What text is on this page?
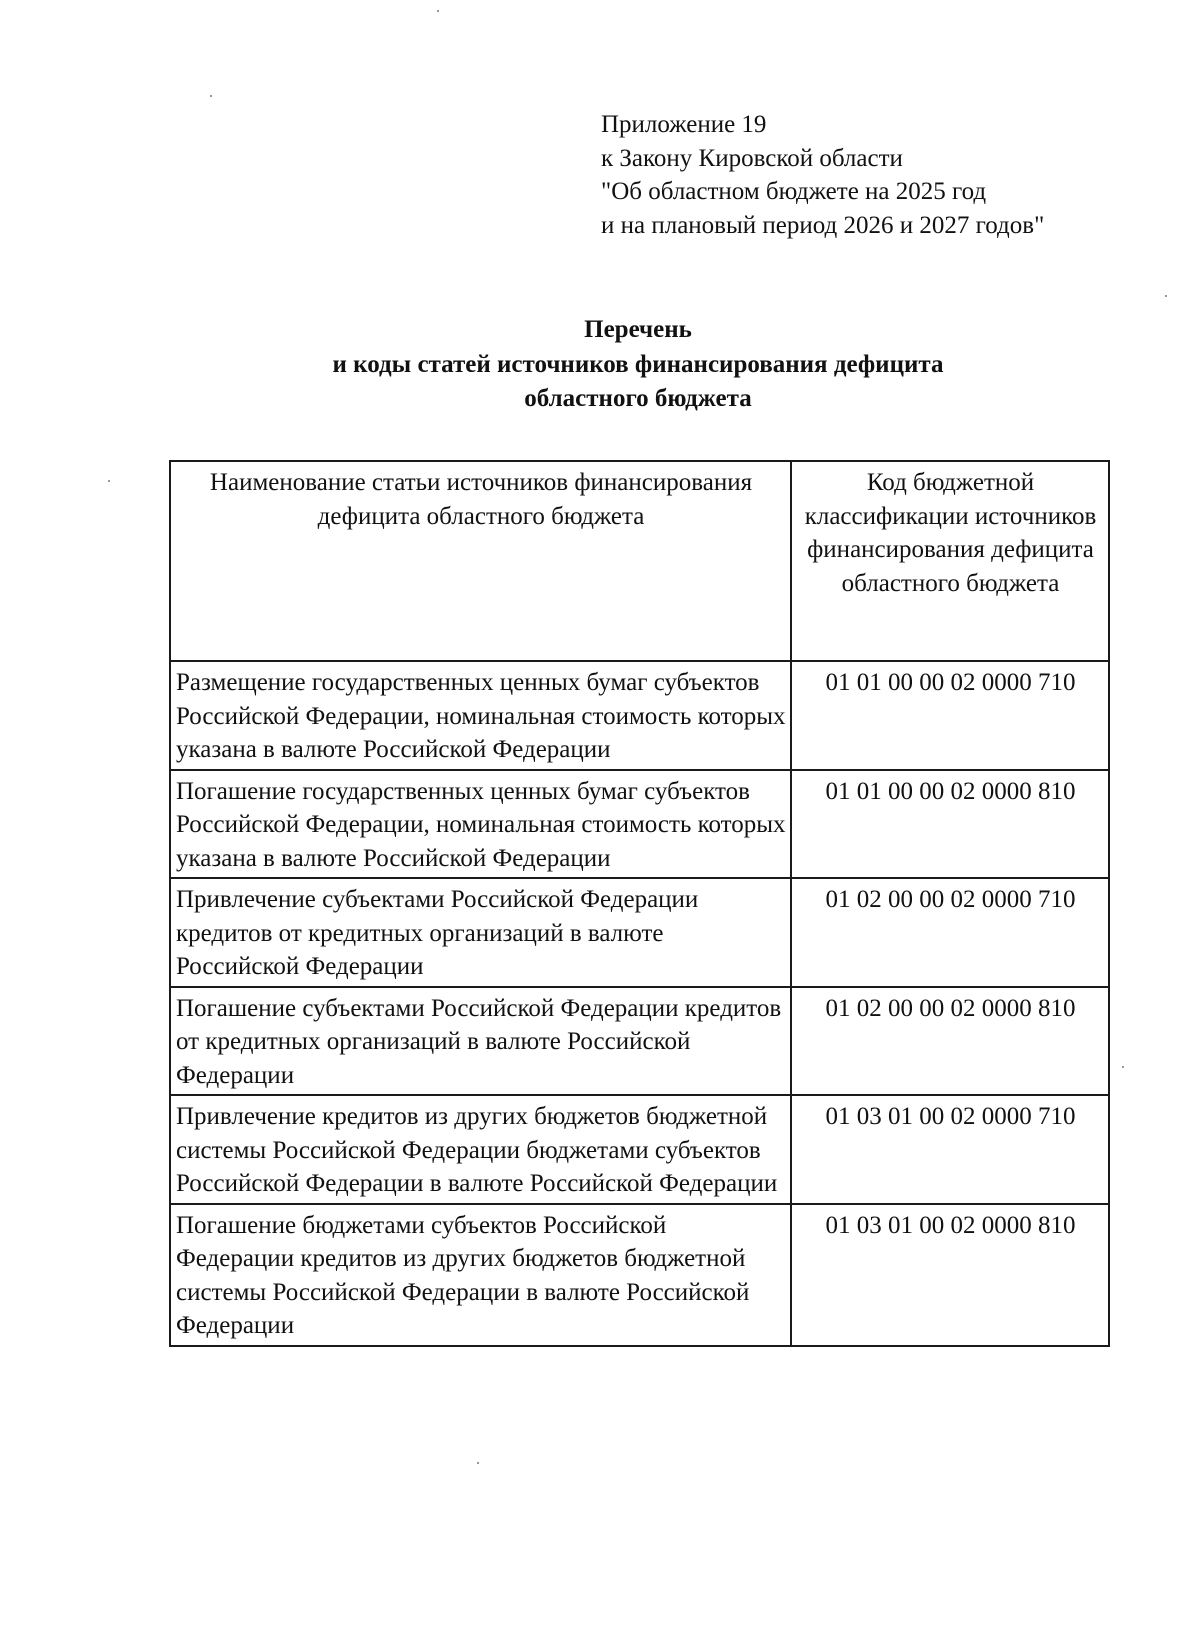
Приложение 19
к Закону Кировской области
"Об областном бюджете на 2025 год
и на плановый период 2026 и 2027 годов"
Перечень
и коды статей источников финансирования дефицита
областного бюджета
Наименование статьи источников финансирования дефицита областного бюджета	Код бюджетной классификации источников финансирования дефицита областного бюджета
Размещение государственных ценных бумаг субъектов Российской Федерации, номинальная стоимость которых указана в валюте Российской Федерации	01 01 00 00 02 0000 710
Погашение государственных ценных бумаг субъектов Российской Федерации, номинальная стоимость которых указана в валюте Российской Федерации	01 01 00 00 02 0000 810
Привлечение субъектами Российской Федерации кредитов от кредитных организаций в валюте Российской Федерации	01 02 00 00 02 0000 710
Погашение субъектами Российской Федерации кредитов от кредитных организаций в валюте Российской Федерации	01 02 00 00 02 0000 810
Привлечение кредитов из других бюджетов бюджетной системы Российской Федерации бюджетами субъектов Российской Федерации в валюте Российской Федерации	01 03 01 00 02 0000 710
Погашение бюджетами субъектов Российской Федерации кредитов из других бюджетов бюджетной системы Российской Федерации в валюте Российской Федерации	01 03 01 00 02 0000 810
